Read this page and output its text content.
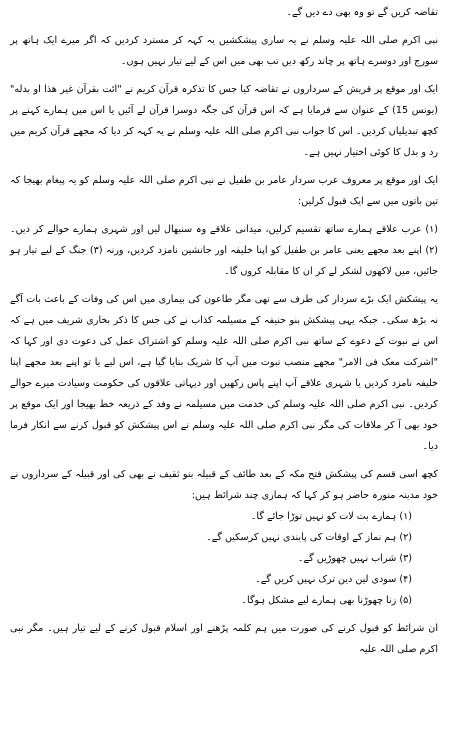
تقاضہ کریں گے تو وہ بھی دے دیں گے۔

نبی اکرم صلی اللہ علیہ وسلم نے یہ ساری پیشکشیں یہ کہہ کر مسترد کردیں کہ اگر میرے ایک ہاتھ پر سورج اور دوسرے ہاتھ پر چاند رکھ دیں تب بھی میں اس کے لیے تیار نہیں ہوں۔

ایک اور موقع پر قریش کے سرداروں نے تقاضہ کیا جس کا تذکرہ قرآن کریم نے "ائت بقرآن غیر هذا او بدله" (یونس 15) کے عنوان سے فرمایا ہے کہ اس قرآن کی جگہ دوسرا قرآن لے آئیں یا اس میں ہمارے کہنے پر کچھ تبدیلیاں کردیں۔ اس کا جواب نبی اکرم صلی اللہ علیہ وسلم نے یہ کہہ کر دیا کہ مجھے قرآن کریم میں رد و بدل کا کوئی اختیار نہیں ہے۔

ایک اور موقع پر معروف عرب سردار عامر بن طفیل نے نبی اکرم صلی اللہ علیہ وسلم کو یہ پیغام بھیجا کہ تین باتوں میں سے ایک قبول کرلیں:

(۱) عرب علاقے ہمارے ساتھ تقسیم کرلیں، میدانی علاقے وہ سنبھال لیں اور شہری ہمارے حوالے کر دیں۔ (۲) اپنے بعد مجھے یعنی عامر بن طفیل کو اپنا خلیفہ اور جانشین نامزد کردیں، ورنہ (۳) جنگ کے لیے تیار ہو جائیں، میں لاکھوں لشکر لے کر ان کا مقابلہ کروں گا۔

یہ پیشکش ایک بڑے سردار کی طرف سے تھی مگر طاعون کی بیماری میں اس کی وفات کے باعث بات آگے نہ بڑھ سکی۔ جبکہ یہی پیشکش بنو حنیفہ کے مسیلمہ کذاب نے کی جس کا ذکر بخاری شریف میں ہے کہ اس نے نبوت کے دعوے کے ساتھ نبی اکرم صلی اللہ علیہ وسلم کو اشتراک عمل کی دعوت دی اور کہا کہ "اشرکت معک فی الامر" مجھے منصب نبوت میں آپ کا شریک بنایا گیا ہے، اس لیے یا تو اپنے بعد مجھے اپنا خلیفہ نامزد کردیں یا شہری علاقے آپ اپنے پاس رکھیں اور دیہاتی علاقوں کی حکومت وسیادت میرے حوالے کردیں۔ نبی اکرم صلی اللہ علیہ وسلم کی خدمت میں مسیلمہ نے وفد کے ذریعہ خط بھیجا اور ایک موقع پر خود بھی آ کر ملاقات کی مگر نبی اکرم صلی اللہ علیہ وسلم نے اس پیشکش کو قبول کرنے سے انکار فرما دیا۔

کچھ اسی قسم کی پیشکش فتح مکہ کے بعد طائف کے قبیلہ بنو ثقیف نے بھی کی اور قبیلہ کے سرداروں نے خود مدینہ منورہ حاضر ہو کر کہا کہ ہماری چند شرائط ہیں:

(۱) ہمارے بت لات کو نہیں توڑا جائے گا۔

(۲) ہم نماز کے اوقات کی پابندی نہیں کرسکیں گے۔

(۳) شراب نہیں چھوڑیں گے۔

(۴) سودی لین دین ترک نہیں کریں گے۔

(۵) زنا چھوڑنا بھی ہمارے لیے مشکل ہوگا۔

ان شرائط کو قبول کرنے کی صورت میں ہم کلمہ پڑھنے اور اسلام قبول کرنے کے لیے تیار ہیں۔ مگر نبی اکرم صلی اللہ علیہ
